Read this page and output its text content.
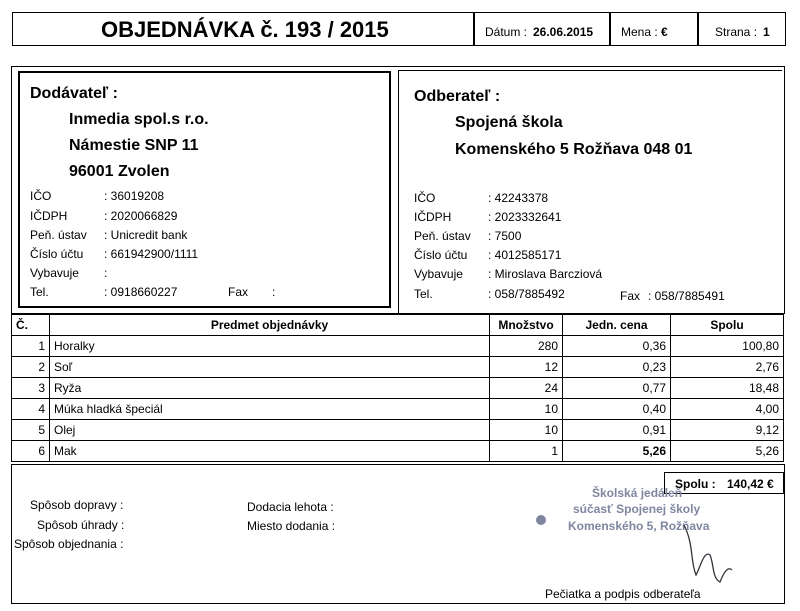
OBJEDNÁVKA č. 193 / 2015	Dátum : 26.06.2015 Mena : €	Strana : 1
Dodávateľ :
Inmedia spol.s r.o.
Námestie SNP 11
96001 Zvolen
IČO	: 36019208
IČDPH	: 2020066829
Peň. ústav : Unicredit bank
Číslo účtu : 661942900/1111
Vybavuje :
Tel.	: 0918660227	Fax :
Odberateľ :
Spojená škola
Komenského 5 Rožňava 048 01
IČO	: 42243378
IČDPH	: 2023332641
Peň. ústav : 7500
Číslo účtu : 4012585171
Vybavuje : Miroslava Barcziová
Tel.	: 058/7885492	Fax : 058/7885491
Č.	Predmet objednávky	Množstvo	Jedn. cena	Spolu
1	Horalky	280	0,36	100,80
2	Soľ	12	0,23	2,76
3	Ryža	24	0,77	18,48
4	Múka hladká špeciál	10	0,40	4,00
5	Olej	10	0,91	9,12
6	Mak	1	5,26	5,26
Spolu : 140,42 €
Spôsob dopravy :
Spôsob úhrady :
Spôsob objednania :
Dodacia lehota :
Miesto dodania :
Školská jedáleň
súčasť Spojenej školy
Komenského 5, Rožňava
Pečiatka a podpis odberateľa
